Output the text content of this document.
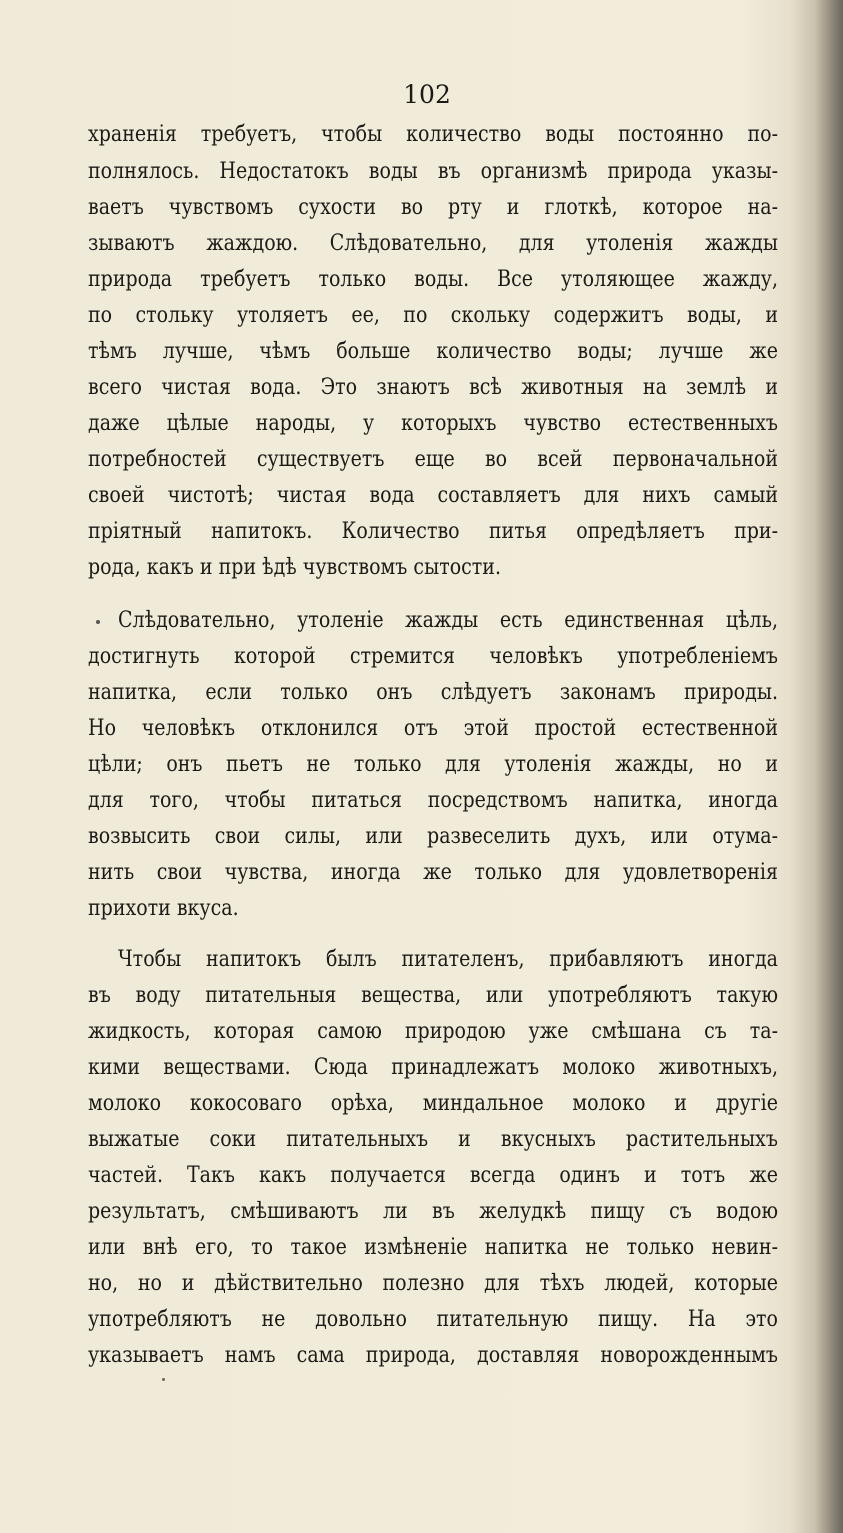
102

храненія требуетъ, чтобы количество воды постоянно по-

полнялось. Недостатокъ воды въ организмѣ природа указы-

ваетъ чувствомъ сухости во рту и глоткѣ, которое на-

зываютъ жаждою. Слѣдовательно, для утоленія жажды

природа требуетъ только воды. Все утоляющее жажду,

по стольку утоляетъ ее, по скольку содержитъ воды, и

тѣмъ лучше, чѣмъ больше количество воды; лучше же

всего чистая вода. Это знаютъ всѣ животныя на землѣ и

даже цѣлые народы, у которыхъ чувство естественныхъ

потребностей существуетъ еще во всей первоначальной

своей чистотѣ; чистая вода составляетъ для нихъ самый

пріятный напитокъ. Количество питья опредѣляетъ при-

рода, какъ и при ѣдѣ чувствомъ сытости.

Слѣдовательно, утоленіе жажды есть единственная цѣль,

достигнуть которой стремится человѣкъ употребленіемъ

напитка, если только онъ слѣдуетъ законамъ природы.

Но человѣкъ отклонился отъ этой простой естественной

цѣли; онъ пьетъ не только для утоленія жажды, но и

для того, чтобы питаться посредствомъ напитка, иногда

возвысить свои силы, или развеселить духъ, или отума-

нить свои чувства, иногда же только для удовлетворенія

прихоти вкуса.

Чтобы напитокъ былъ питателенъ, прибавляютъ иногда

въ воду питательныя вещества, или употребляютъ такую

жидкость, которая самою природою уже смѣшана съ та-

кими веществами. Сюда принадлежатъ молоко животныхъ,

молоко кокосоваго орѣха, миндальное молоко и другіе

выжатые соки питательныхъ и вкусныхъ растительныхъ

частей. Такъ какъ получается всегда одинъ и тотъ же

результатъ, смѣшиваютъ ли въ желудкѣ пищу съ водою

или внѣ его, то такое измѣненіе напитка не только невин-

но, но и дѣйствительно полезно для тѣхъ людей, которые

употребляютъ не довольно питательную пищу. На это

указываетъ намъ сама природа, доставляя новорожденнымъ
